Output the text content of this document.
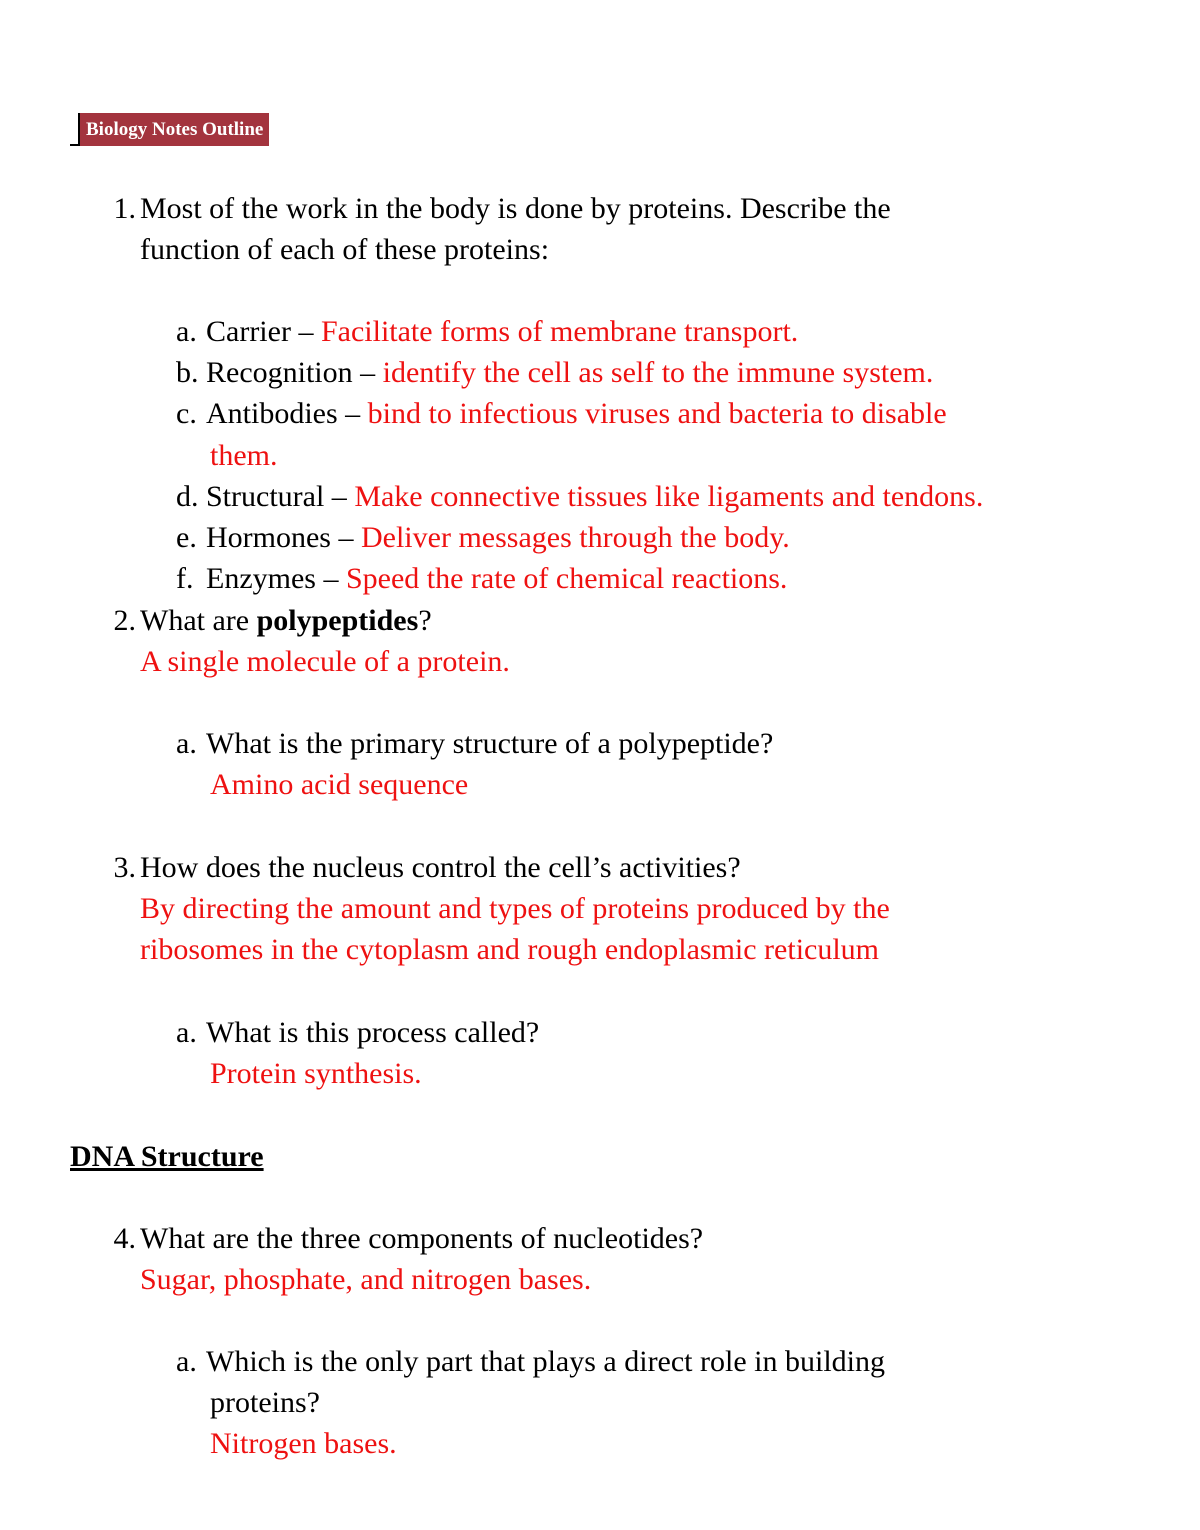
Biology Notes Outline
1. Most of the work in the body is done by proteins. Describe the
function of each of these proteins:
a. Carrier – Facilitate forms of membrane transport.
b. Recognition – identify the cell as self to the immune system.
c. Antibodies – bind to infectious viruses and bacteria to disable
them.
d. Structural – Make connective tissues like ligaments and tendons.
e. Hormones – Deliver messages through the body.
f. Enzymes – Speed the rate of chemical reactions.
2. What are polypeptides?
A single molecule of a protein.
a. What is the primary structure of a polypeptide?
Amino acid sequence
3. How does the nucleus control the cell’s activities?
By directing the amount and types of proteins produced by the
ribosomes in the cytoplasm and rough endoplasmic reticulum
a. What is this process called?
Protein synthesis.
DNA Structure
4. What are the three components of nucleotides?
Sugar, phosphate, and nitrogen bases.
a. Which is the only part that plays a direct role in building
proteins?
Nitrogen bases.
